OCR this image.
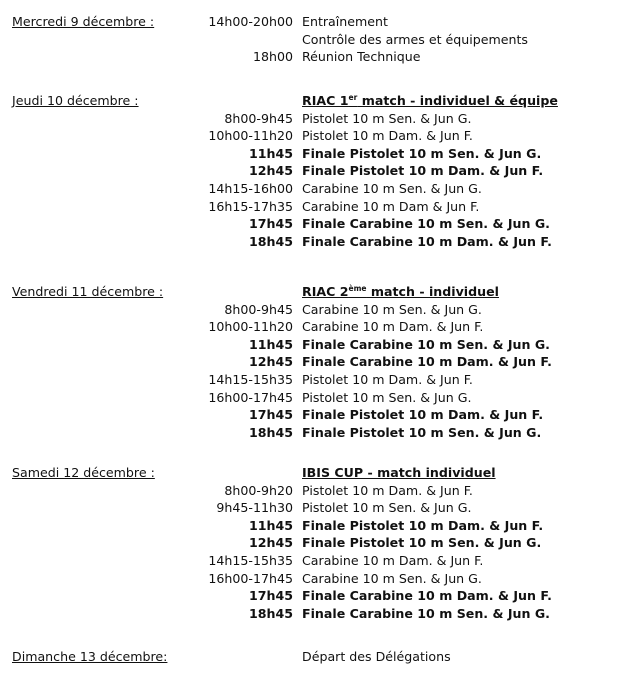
Mercredi 9 décembre :	14h00-20h00 Entraînement
Contrôle des armes et équipements
18h00 Réunion Technique
Jeudi 10 décembre :	RIAC 1er match - individuel & équipe
8h00-9h45 Pistolet 10 m Sen. & Jun G.
10h00-11h20 Pistolet 10 m Dam. & Jun F.
11h45 Finale Pistolet 10 m Sen. & Jun G.
12h45 Finale Pistolet 10 m Dam. & Jun F.
14h15-16h00 Carabine 10 m Sen. & Jun G.
16h15-17h35 Carabine 10 m Dam & Jun F.
17h45 Finale Carabine 10 m Sen. & Jun G.
18h45 Finale Carabine 10 m Dam. & Jun F.
Vendredi 11 décembre :	RIAC 2ème match - individuel
8h00-9h45 Carabine 10 m Sen. & Jun G.
10h00-11h20 Carabine 10 m Dam. & Jun F.
11h45 Finale Carabine 10 m Sen. & Jun G.
12h45 Finale Carabine 10 m Dam. & Jun F.
14h15-15h35 Pistolet 10 m Dam. & Jun F.
16h00-17h45 Pistolet 10 m Sen. & Jun G.
17h45 Finale Pistolet 10 m Dam. & Jun F.
18h45 Finale Pistolet 10 m Sen. & Jun G.
Samedi 12 décembre :	IBIS CUP - match individuel
8h00-9h20 Pistolet 10 m Dam. & Jun F.
9h45-11h30 Pistolet 10 m Sen. & Jun G.
11h45 Finale Pistolet 10 m Dam. & Jun F.
12h45 Finale Pistolet 10 m Sen. & Jun G.
14h15-15h35 Carabine 10 m Dam. & Jun F.
16h00-17h45 Carabine 10 m Sen. & Jun G.
17h45 Finale Carabine 10 m Dam. & Jun F.
18h45 Finale Carabine 10 m Sen. & Jun G.
Dimanche 13 décembre:	Départ des Délégations
